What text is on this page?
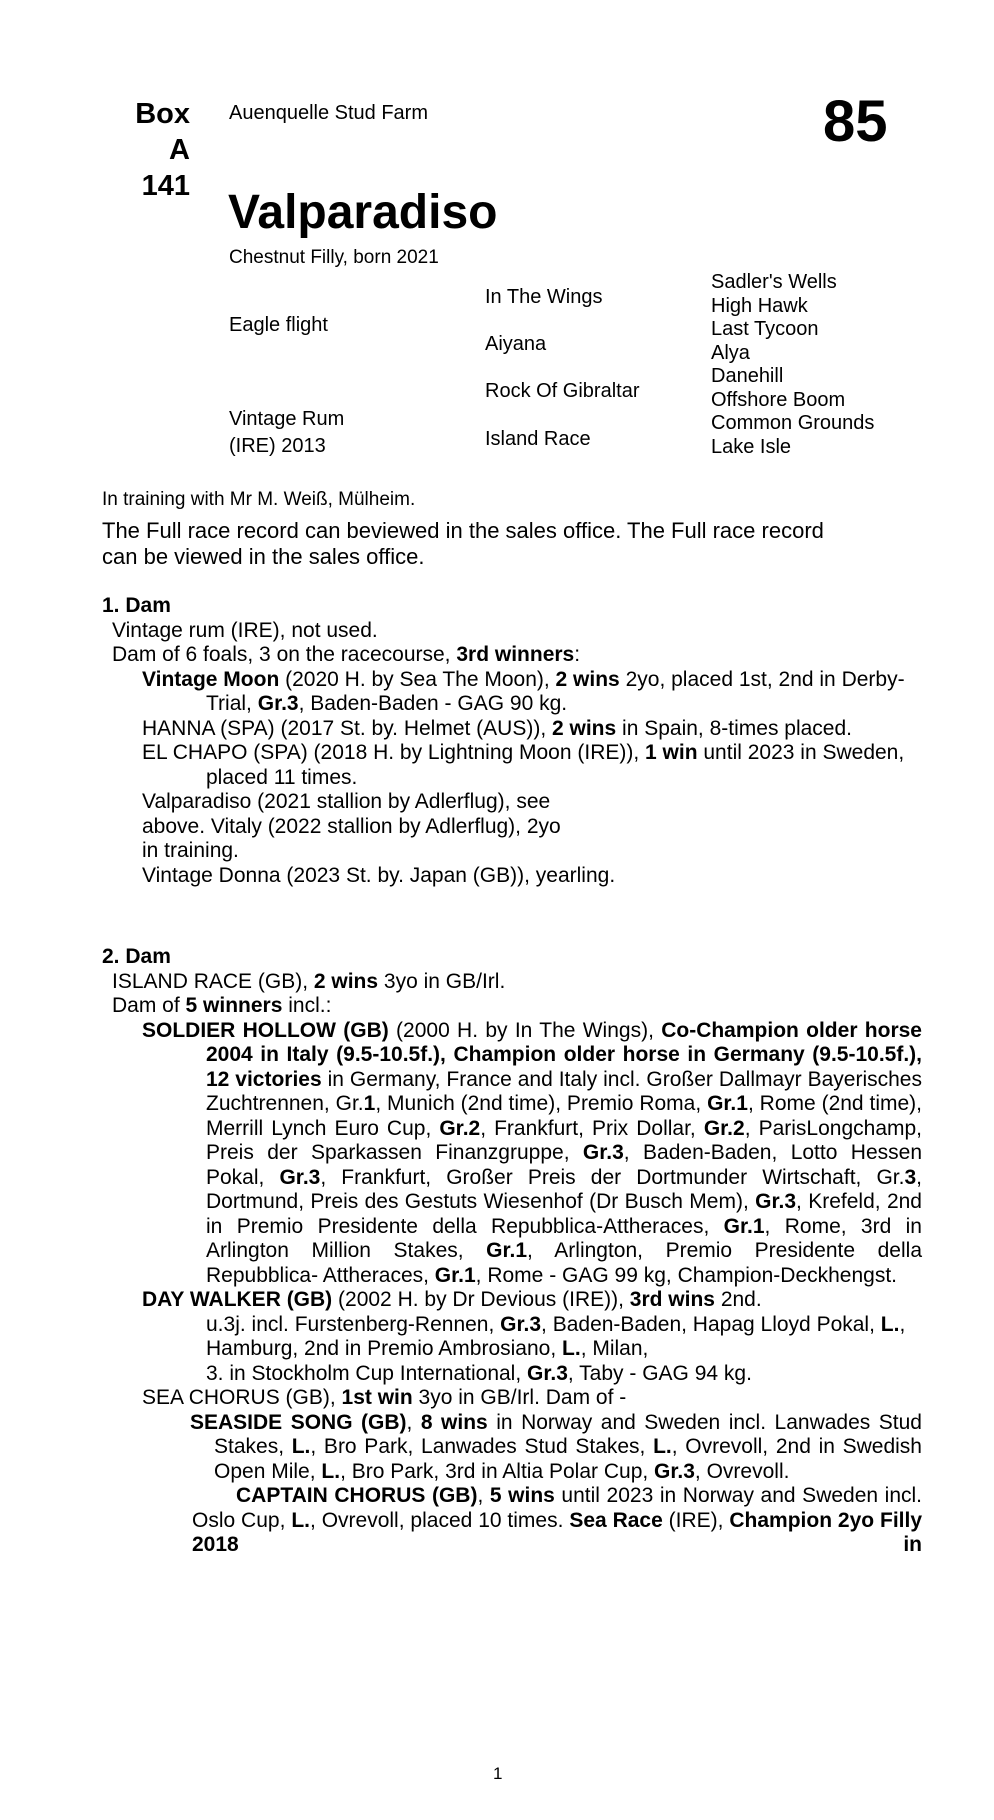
Box
A 141
Auenquelle Stud Farm	85
Valparadiso
Chestnut Filly, born 2021
Eagle flight
Vintage Rum
(IRE) 2013
In The Wings
Aiyana
Rock Of Gibraltar
Island Race
Sadler's Wells
High Hawk
Last Tycoon
Alya
Danehill
Offshore Boom
Common Grounds
Lake Isle
In training with Mr M. Weiß, Mülheim.
The Full race record can beviewed in the sales office. The Full race record can be viewed in the sales office.
1. Dam
Vintage rum (IRE), not used.
Dam of 6 foals, 3 on the racecourse, 3rd winners:
Vintage Moon (2020 H. by Sea The Moon), 2 wins 2yo, placed 1st, 2nd in Derby-Trial, Gr.3, Baden-Baden - GAG 90 kg.
HANNA (SPA) (2017 St. by. Helmet (AUS)), 2 wins in Spain, 8-times placed.
EL CHAPO (SPA) (2018 H. by Lightning Moon (IRE)), 1 win until 2023 in Sweden, placed 11 times.
Valparadiso (2021 stallion by Adlerflug), see
above. Vitaly (2022 stallion by Adlerflug), 2yo
in training.
Vintage Donna (2023 St. by. Japan (GB)), yearling.
2. Dam
ISLAND RACE (GB), 2 wins 3yo in GB/Irl.
Dam of 5 winners incl.:
SOLDIER HOLLOW (GB) (2000 H. by In The Wings), Co-Champion older horse 2004 in Italy (9.5-10.5f.), Champion older horse in Germany (9.5-10.5f.), 12 victories in Germany, France and Italy incl. Großer Dallmayr Bayerisches Zuchtrennen, Gr.1, Munich (2nd time), Premio Roma, Gr.1, Rome (2nd time), Merrill Lynch Euro Cup, Gr.2, Frankfurt, Prix Dollar, Gr.2, ParisLongchamp, Preis der Sparkassen Finanzgruppe, Gr.3, Baden-Baden, Lotto Hessen Pokal, Gr.3, Frankfurt, Großer Preis der Dortmunder Wirtschaft, Gr.3, Dortmund, Preis des Gestuts Wiesenhof (Dr Busch Mem), Gr.3, Krefeld, 2nd in Premio Presidente della Repubblica-Attheraces, Gr.1, Rome, 3rd in Arlington Million Stakes, Gr.1, Arlington, Premio Presidente della Repubblica- Attheraces, Gr.1, Rome - GAG 99 kg, Champion-Deckhengst.
DAY WALKER (GB) (2002 H. by Dr Devious (IRE)), 3rd wins 2nd.
u.3j. incl. Furstenberg-Rennen, Gr.3, Baden-Baden, Hapag Lloyd Pokal, L., Hamburg, 2nd in Premio Ambrosiano, L., Milan,
3. in Stockholm Cup International, Gr.3, Taby - GAG 94 kg.
SEA CHORUS (GB), 1st win 3yo in GB/Irl. Dam of -
SEASIDE SONG (GB), 8 wins in Norway and Sweden incl. Lanwades Stud Stakes, L., Bro Park, Lanwades Stud Stakes, L., Ovrevoll, 2nd in Swedish Open Mile, L., Bro Park, 3rd in Altia Polar Cup, Gr.3, Ovrevoll.
CAPTAIN CHORUS (GB), 5 wins until 2023 in Norway and Sweden incl. Oslo Cup, L., Ovrevoll, placed 10 times. Sea Race (IRE), Champion 2yo Filly 2018 in
1
